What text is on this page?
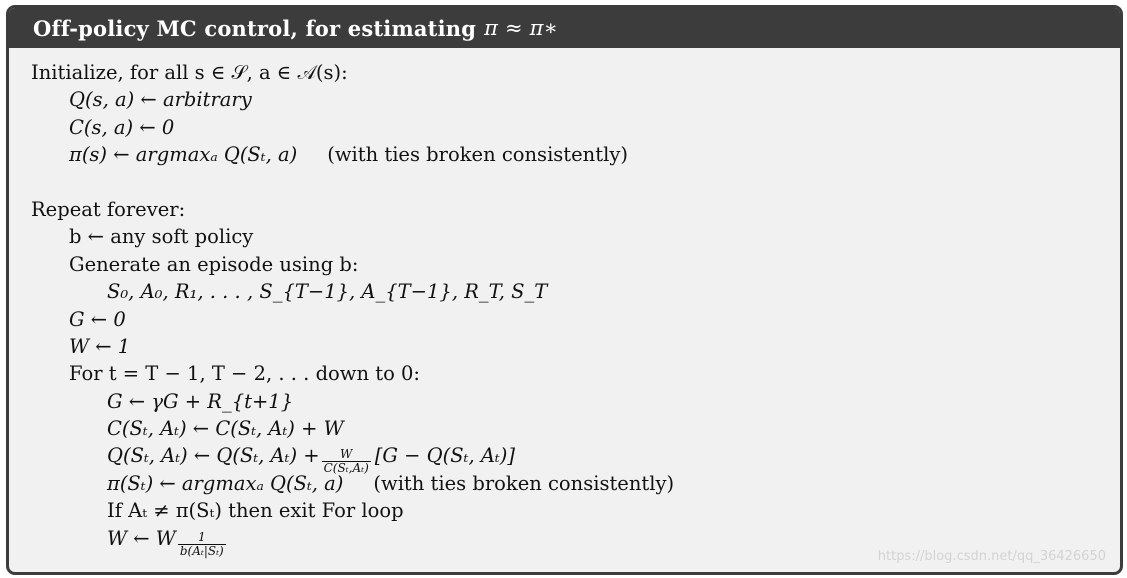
Off-policy MC control, for estimating π ≈ π∗
Initialize, for all s ∈ 𝒮, a ∈ 𝒜(s):
Q(s, a) ← arbitrary
C(s, a) ← 0
π(s) ← argmaxₐ Q(Sₜ, a) (with ties broken consistently)
Repeat forever:
b ← any soft policy
Generate an episode using b:
S₀, A₀, R₁, . . . , S_{T−1}, A_{T−1}, R_T, S_T
G ← 0
W ← 1
For t = T − 1, T − 2, . . . down to 0:
G ← γG + R_{t+1}
C(Sₜ, Aₜ) ← C(Sₜ, Aₜ) + W
Q(Sₜ, Aₜ) ← Q(Sₜ, $A_t) + \frac{W}{\text{C(Sₜ,Aₜ)}} [G - Q(S_t$, Aₜ)]
π(Sₜ) ← argmaxₐ Q(Sₜ, a) (with ties broken consistently)
If Aₜ ≠ π(Sₜ) then exit For loop
W ← W $\frac{1}{\text{b(Aₜ|Sₜ)}}$	https://blog.csdn.net/qq_36426650
